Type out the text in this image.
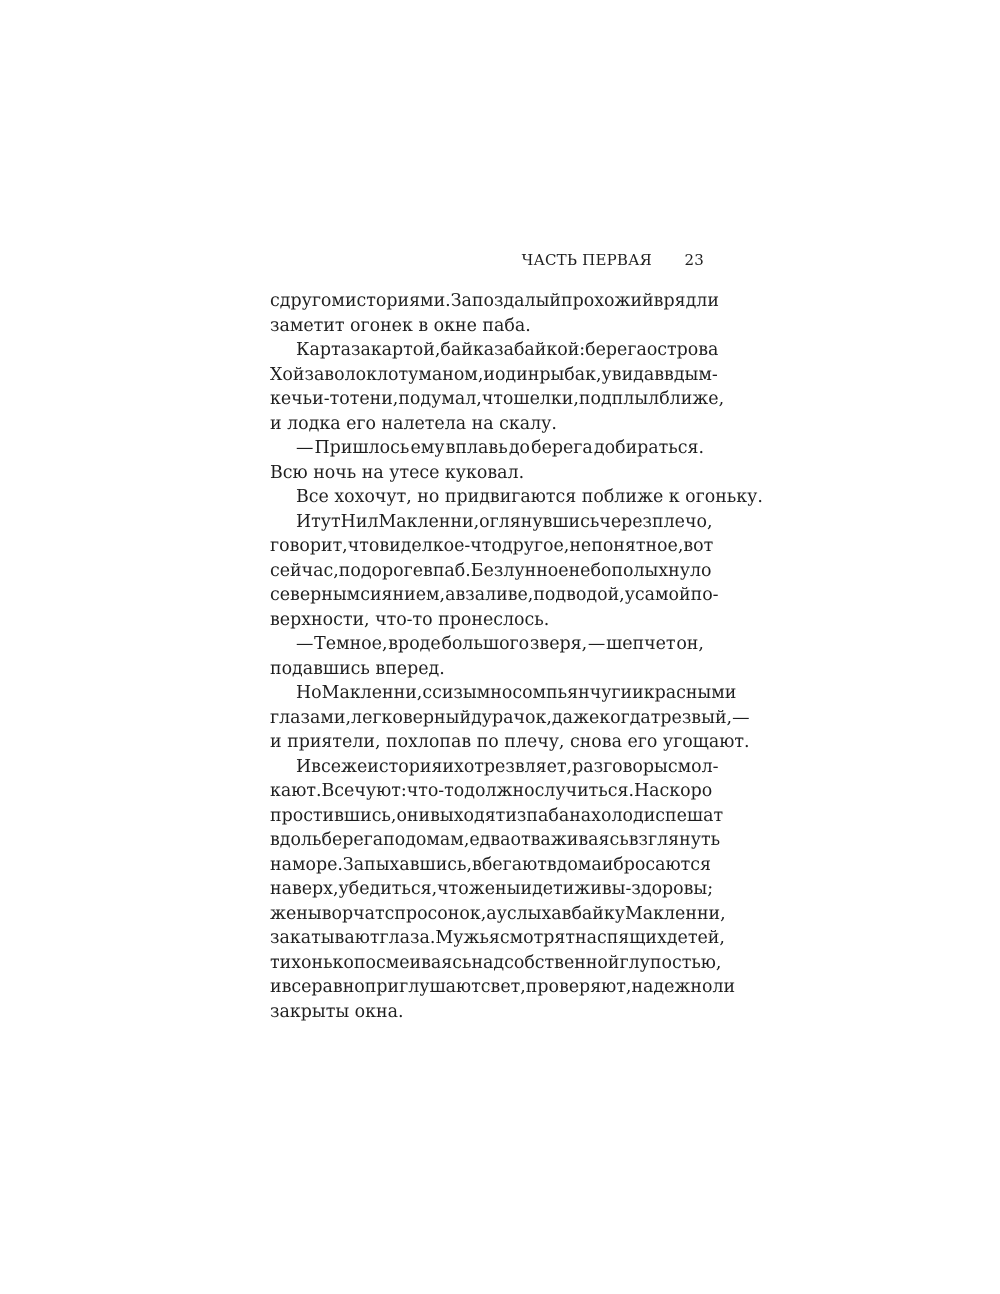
ЧАСТЬ ПЕРВАЯ 23
с другом историями. Запоздалый прохожий вряд ли
заметит огонек в окне паба.
Карта за картой, байка за байкой: берега острова
Хой заволокло туманом, и один рыбак, увидав в дым-
ке чьи-то тени, подумал, что шелки, подплыл ближе,
и лодка его налетела на скалу.
— Пришлось ему вплавь до берега добираться.
Всю ночь на утесе куковал.
Все хохочут, но придвигаются поближе к огоньку.
И тут Нил Макленни, оглянувшись через плечо,
говорит, что видел кое-что другое, непонятное, вот
сейчас, по дороге в паб. Безлунное небо полыхнуло
северным сиянием, а в заливе, под водой, у самой по-
верхности, что-то пронеслось.
— Темное, вроде большого зверя, — шепчет он,
подавшись вперед.
Но Макленни, с сизым носом пьянчуги и красными
глазами, легковерный дурачок, даже когда трезвый, —
и приятели, похлопав по плечу, снова его угощают.
И все же история их отрезвляет, разговоры смол-
кают. Все чуют: что-то должно случиться. Наскоро
простившись, они выходят из паба на холод и спешат
вдоль берега по домам, едва отваживаясь взглянуть
на море. Запыхавшись, вбегают в дома и бросаются
наверх, убедиться, что жены и дети живы-здоровы;
жены ворчат спросонок, а услыхав байку Макленни,
закатывают глаза. Мужья смотрят на спящих детей,
тихонько посмеиваясь над собственной глупостью,
и все равно приглушают свет, проверяют, надежно ли
закрыты окна.
